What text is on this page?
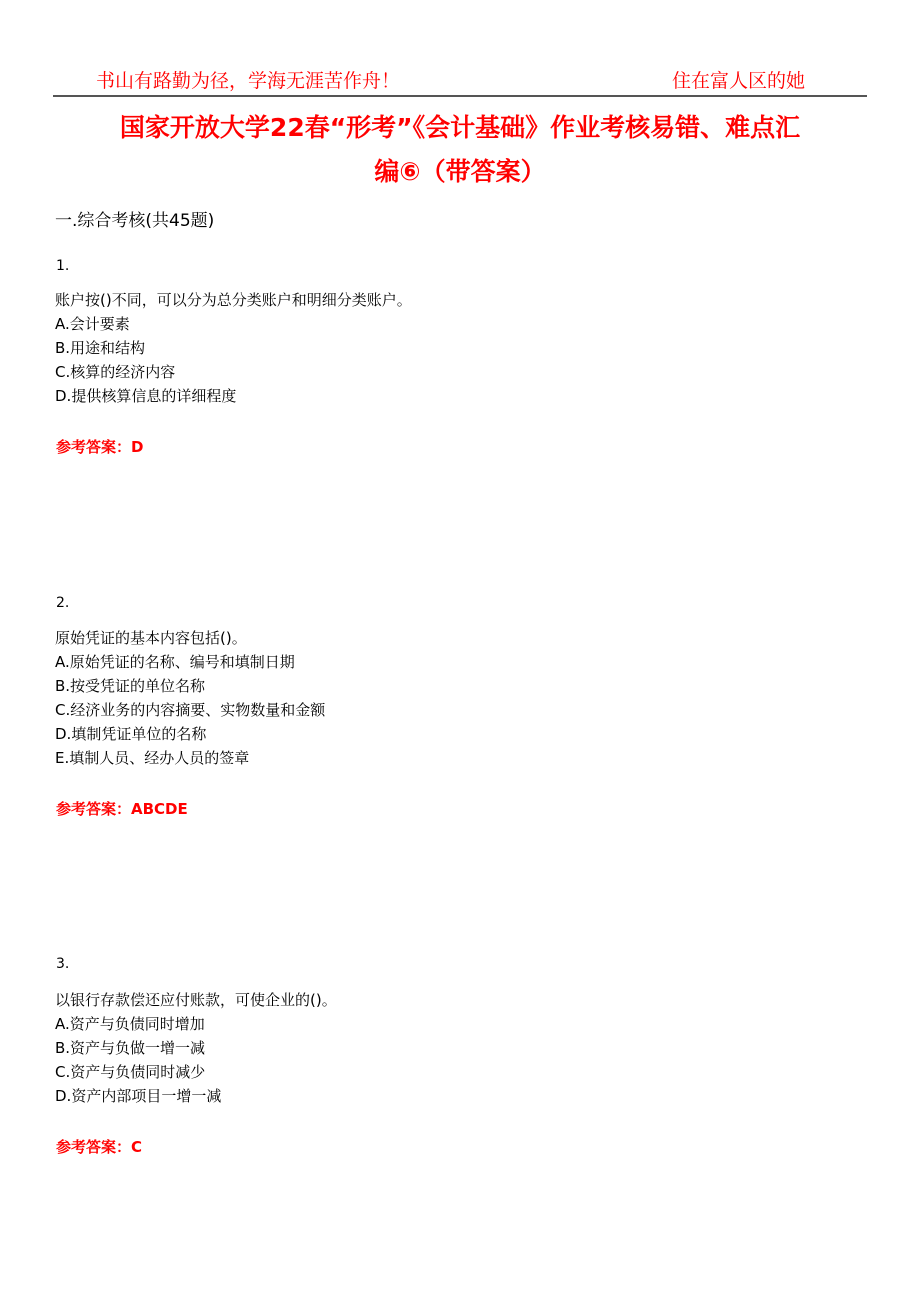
书山有路勤为径，学海无涯苦作舟！	住在富人区的她
国家开放大学22春“形考”《会计基础》作业考核易错、难点汇
编⑥（带答案）
一.综合考核(共45题)
1.
账户按()不同，可以分为总分类账户和明细分类账户。
A.会计要素
B.用途和结构
C.核算的经济内容
D.提供核算信息的详细程度
参考答案：D
2.
原始凭证的基本内容包括()。
A.原始凭证的名称、编号和填制日期
B.按受凭证的单位名称
C.经济业务的内容摘要、实物数量和金额
D.填制凭证单位的名称
E.填制人员、经办人员的签章
参考答案：ABCDE
3.
以银行存款偿还应付账款，可使企业的()。
A.资产与负债同时增加
B.资产与负做一增一减
C.资产与负债同时减少
D.资产内部项目一增一减
参考答案：C
